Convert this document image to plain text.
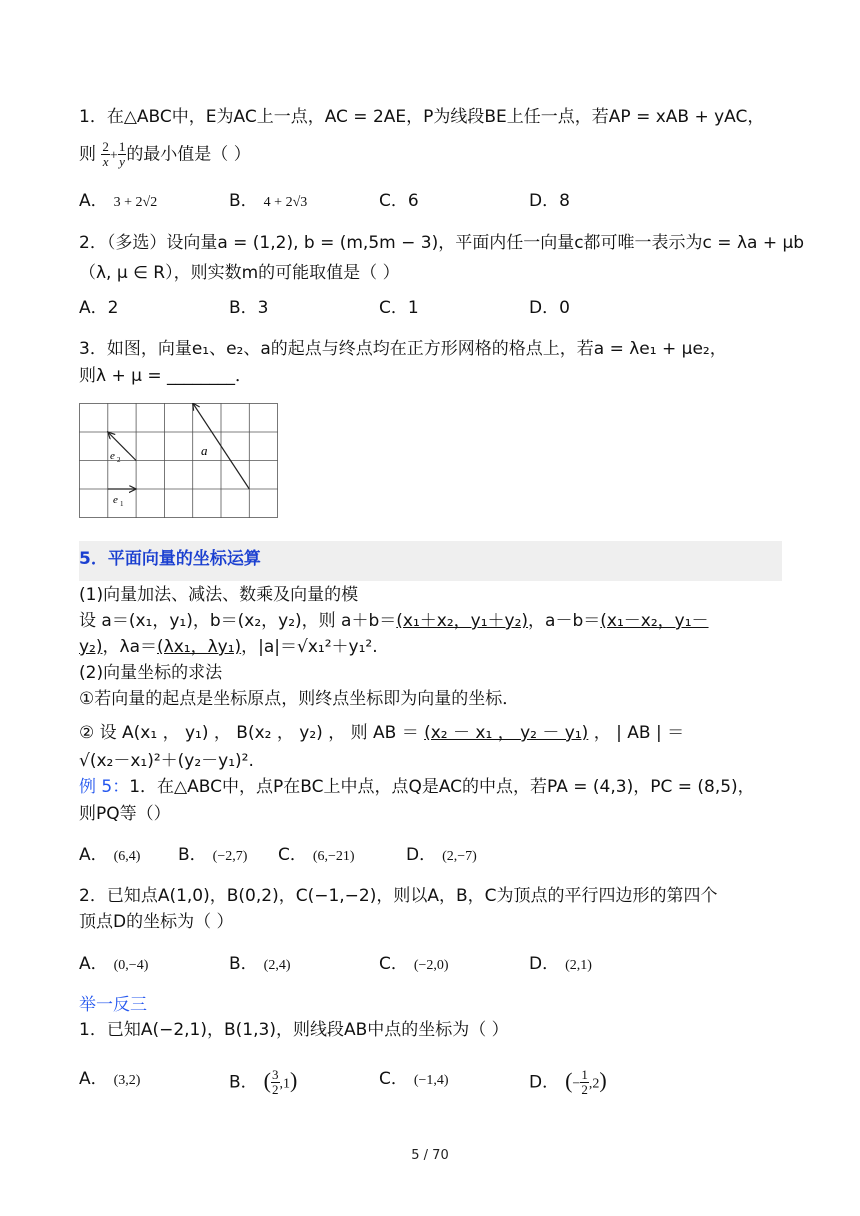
1．在△ABC中，E为AC上一点，AC = 2AE，P为线段BE上任一点，若AP = xAB + yAC，
则 $\frac{2}{x} + \frac{1}{y}$ 的最小值是（ ）
A． 3 + 2√2	B． 4 + 2√3	C．6	D．8
2．（多选）设向量a = (1,2), b = (m,5m − 3)，平面内任一向量c都可唯一表示为c = λa + μb
（λ, μ ∈ R），则实数m的可能取值是（ ）
A．2	B．3	C．1	D．0
3．如图，向量e₁、e₂、a的起点与终点均在正方形网格的格点上，若a = λe₁ + μe₂，
则λ + μ = ________．
a
e 2
e 1
5．平面向量的坐标运算
(1)向量加法、减法、数乘及向量的模
设 a＝(x₁，y₁)，b＝(x₂，y₂)，则 a＋b＝(x₁＋x₂，y₁＋y₂)，a－b＝(x₁－x₂，y₁－
y₂)，λa＝(λx₁，λy₁)，|a|＝√x₁²＋y₁².
(2)向量坐标的求法
①若向量的起点是坐标原点，则终点坐标即为向量的坐标．
② 设 A(x₁ ， y₁) ， B(x₂ ， y₂) ， 则 AB ＝ (x₂ － x₁ ， y₂ － y₁) ， | AB | ＝
√(x₂－x₁)²＋(y₂－y₁)².
例 5：1．在△ABC中，点P在BC上中点，点Q是AC的中点，若PA = (4,3)，PC = (8,5)，
则PQ等（）
A． (6,4) B． (−2,7) C． (6,−21)	D． (2,−7)
2．已知点A(1,0)，B(0,2)，C(−1,−2)，则以A，B，C为顶点的平行四边形的第四个
顶点D的坐标为（ ）
A． (0,−4)	B． (2,4)	C． (−2,0)	D． (2,1)
举一反三
1．已知A(−2,1)，B(1,3)，则线段AB中点的坐标为（ ）
A． (3,2)	B． ( $\frac{3}{2} ,1$)	C． (−1,4)	D． (− $\frac{1}{2} ,2$)
5 / 70
